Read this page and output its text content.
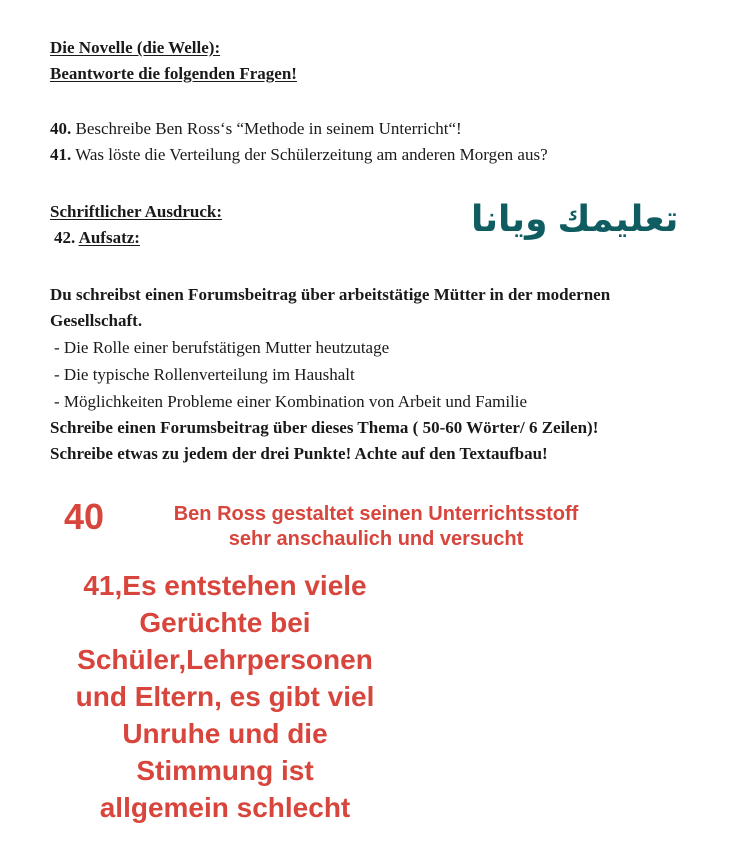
Die Novelle (die Welle):
Beantworte die folgenden Fragen!
40. Beschreibe Ben Ross‘s “Methode in seinem Unterricht“!
41. Was löste die Verteilung der Schülerzeitung am anderen Morgen aus?
Schriftlicher Ausdruck:
42. Aufsatz:	تعليمك ويانا
Du schreibst einen Forumsbeitrag über arbeitstätige Mütter in der modernen
Gesellschaft.
- Die Rolle einer berufstätigen Mutter heutzutage
- Die typische Rollenverteilung im Haushalt
- Möglichkeiten Probleme einer Kombination von Arbeit und Familie
Schreibe einen Forumsbeitrag über dieses Thema ( 50-60 Wörter/ 6 Zeilen)!
Schreibe etwas zu jedem der drei Punkte! Achte auf den Textaufbau!
40	Ben Ross gestaltet seinen Unterrichtsstoff
sehr anschaulich und versucht
41,Es entstehen viele
Gerüchte bei
Schüler,Lehrpersonen
und Eltern, es gibt viel
Unruhe und die
Stimmung ist
allgemein schlecht
